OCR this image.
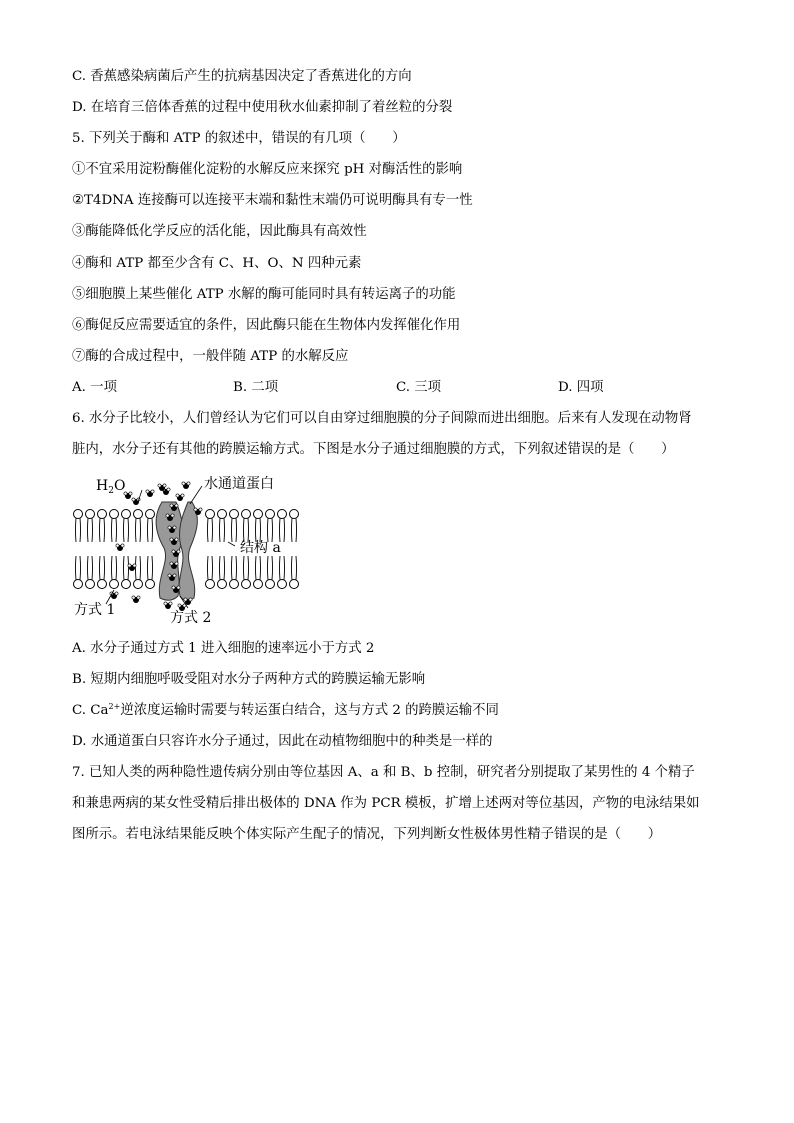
C. 香蕉感染病菌后产生的抗病基因决定了香蕉进化的方向
D. 在培育三倍体香蕉的过程中使用秋水仙素抑制了着丝粒的分裂
5. 下列关于酶和 ATP 的叙述中，错误的有几项（　　）
①不宜采用淀粉酶催化淀粉的水解反应来探究 pH 对酶活性的影响
②T4DNA 连接酶可以连接平末端和黏性末端仍可说明酶具有专一性
③酶能降低化学反应的活化能，因此酶具有高效性
④酶和 ATP 都至少含有 C、H、O、N 四种元素
⑤细胞膜上某些催化 ATP 水解的酶可能同时具有转运离子的功能
⑥酶促反应需要适宜的条件，因此酶只能在生物体内发挥催化作用
⑦酶的合成过程中，一般伴随 ATP 的水解反应
A. 一项	B. 二项	C. 三项	D. 四项
6. 水分子比较小，人们曾经认为它们可以自由穿过细胞膜的分子间隙而进出细胞。后来有人发现在动物肾
脏内，水分子还有其他的跨膜运输方式。下图是水分子通过细胞膜的方式，下列叙述错误的是（　　）
$H_2O$	水通道蛋白
结构 a
方式 1	方式 2
A. 水分子通过方式 1 进入细胞的速率远小于方式 2
B. 短期内细胞呼吸受阻对水分子两种方式的跨膜运输无影响
C. $Ca^{2+}$逆浓度运输时需要与转运蛋白结合，这与方式 2 的跨膜运输不同
D. 水通道蛋白只容许水分子通过，因此在动植物细胞中的种类是一样的
7. 已知人类的两种隐性遗传病分别由等位基因 A、a 和 B、b 控制，研究者分别提取了某男性的 4 个精子
和兼患两病的某女性受精后排出极体的 DNA 作为 PCR 模板，扩增上述两对等位基因，产物的电泳结果如
图所示。若电泳结果能反映个体实际产生配子的情况，下列判断女性极体男性精子错误的是（　　）
